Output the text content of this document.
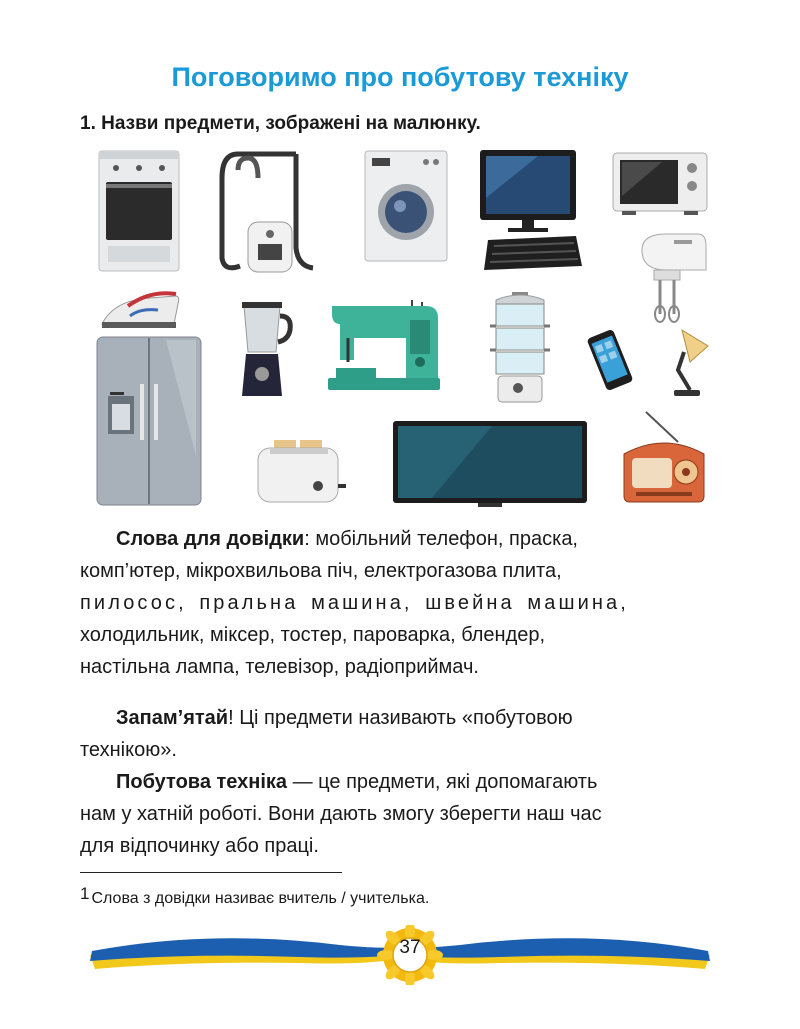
Поговоримо про побутову техніку

1. Назви предмети, зображені на малюнку.

Слова для довідки: мобільний телефон, праска,
комп’ютер, мікрохвильова піч, електрогазова плита,
пилосос, пральна машина, швейна машина,
холодильник, міксер, тостер, пароварка, блендер,
настільна лампа, телевізор, радіоприймач.
Запам’ятай! Ці предмети називають «побутовою
технікою».
Побутова техніка — це предмети, які допомагають
нам у хатній роботі. Вони дають змогу зберегти наш час
для відпочинку або праці.

$^1$ Слова з довідки називає вчитель / учителька.

37
